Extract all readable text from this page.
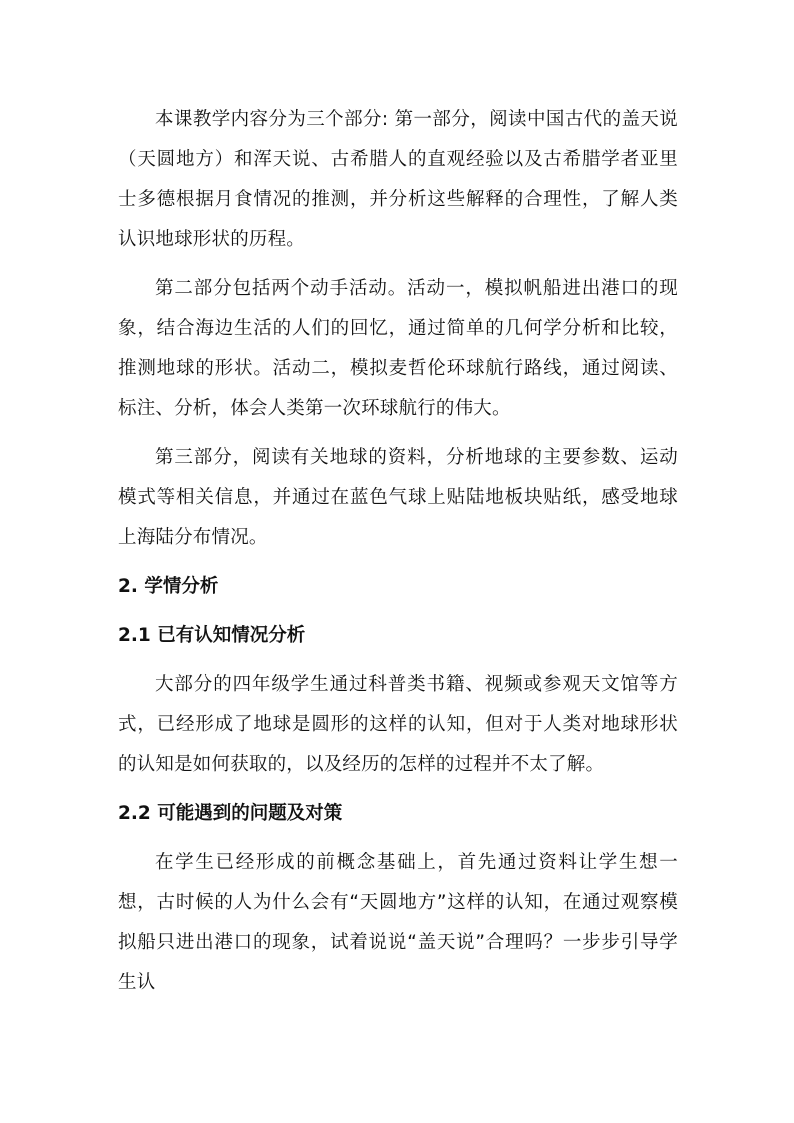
本课教学内容分为三个部分: 第一部分，阅读中国古代的盖天说（天圆地方）和浑天说、古希腊人的直观经验以及古希腊学者亚里士多德根据月食情况的推测，并分析这些解释的合理性，了解人类认识地球形状的历程。

第二部分包括两个动手活动。活动一，模拟帆船进出港口的现象，结合海边生活的人们的回忆，通过简单的几何学分析和比较，推测地球的形状。活动二，模拟麦哲伦环球航行路线，通过阅读、标注、分析，体会人类第一次环球航行的伟大。

第三部分，阅读有关地球的资料，分析地球的主要参数、运动模式等相关信息，并通过在蓝色气球上贴陆地板块贴纸，感受地球上海陆分布情况。

2. 学情分析
2.1 已有认知情况分析

大部分的四年级学生通过科普类书籍、视频或参观天文馆等方式，已经形成了地球是圆形的这样的认知，但对于人类对地球形状的认知是如何获取的，以及经历的怎样的过程并不太了解。

2.2 可能遇到的问题及对策

在学生已经形成的前概念基础上，首先通过资料让学生想一想，古时候的人为什么会有“天圆地方”这样的认知，在通过观察模拟船只进出港口的现象，试着说说“盖天说”合理吗？一步步引导学生认
